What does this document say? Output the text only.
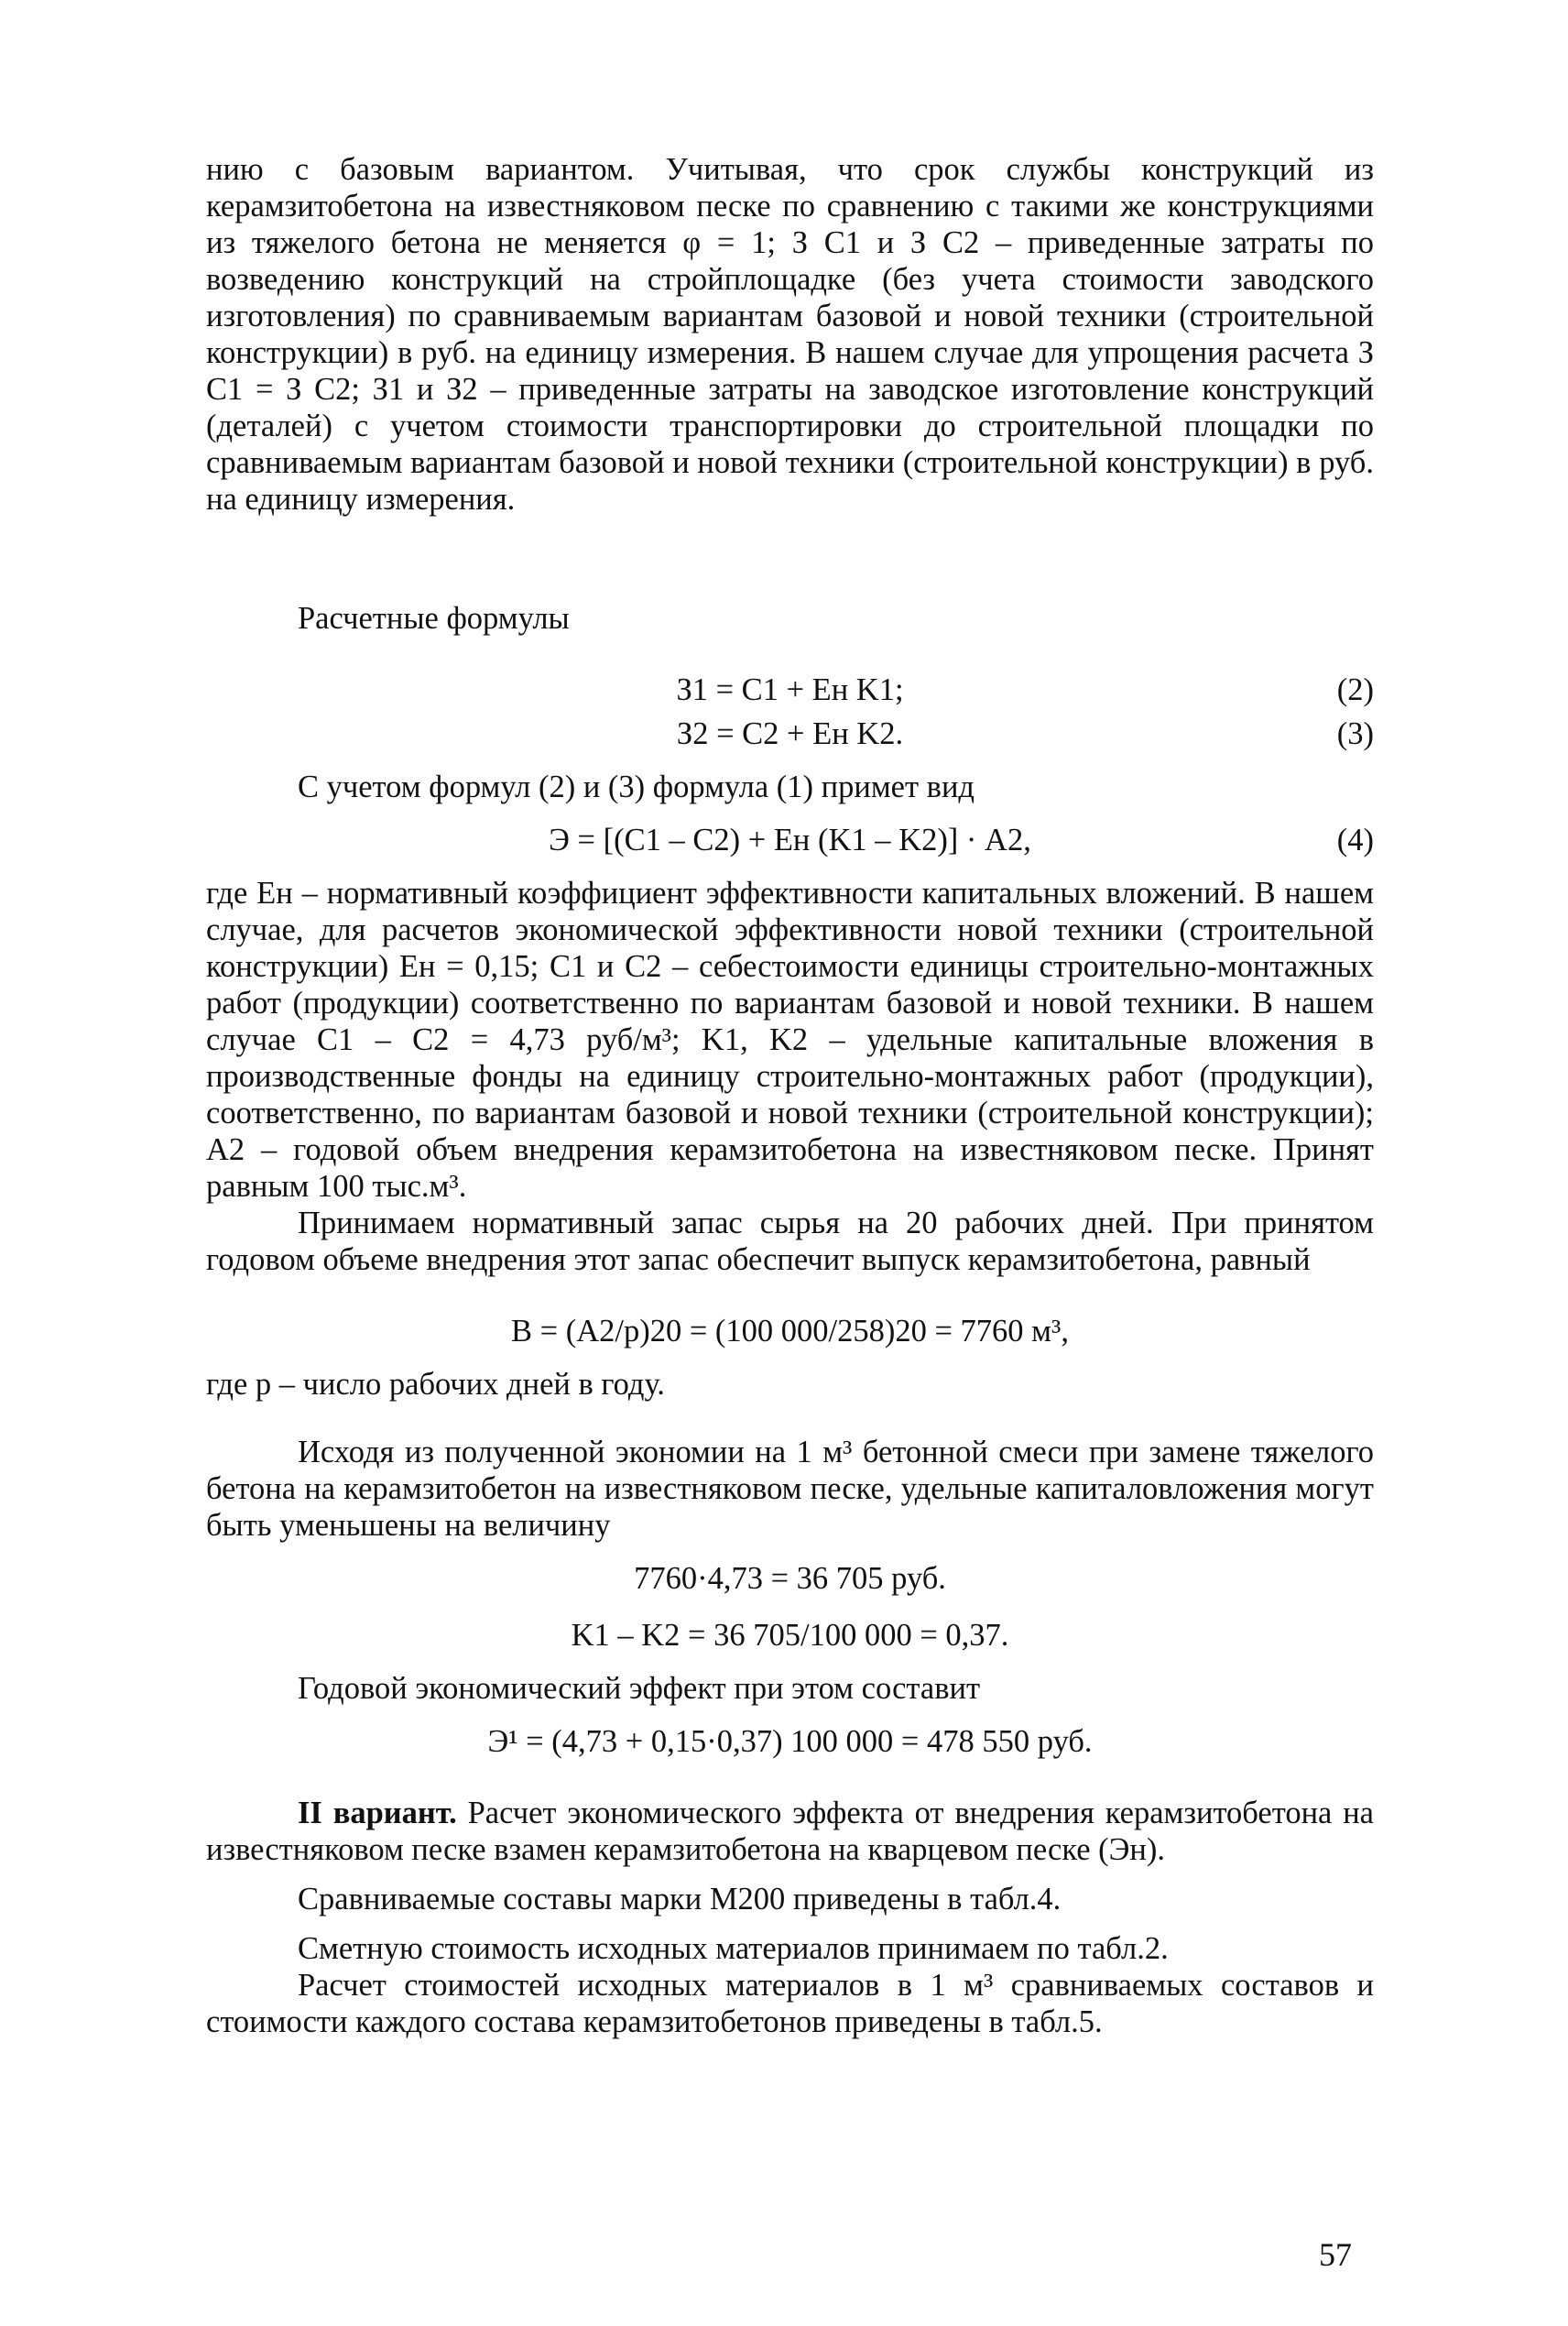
нию с базовым вариантом. Учитывая, что срок службы конструкций из керамзитобетона на известняковом песке по сравнению с такими же конструкциями из тяжелого бетона не меняется φ = 1; З C1 и З C2 – приведенные затраты по возведению конструкций на стройплощадке (без учета стоимости заводского изготовления) по сравниваемым вариантам базовой и новой техники (строительной конструкции) в руб. на единицу измерения. В нашем случае для упрощения расчета З C1 = З C2; З1 и З2 – приведенные затраты на заводское изготовление конструкций (деталей) с учетом стоимости транспортировки до строительной площадки по сравниваемым вариантам базовой и новой техники (строительной конструкции) в руб. на единицу измерения.

Расчетные формулы

З1 = C1 + Eн K1;	(2)
З2 = C2 + Eн K2.	(3)

С учетом формул (2) и (3) формула (1) примет вид

Э = [(C1 – C2) + Eн (K1 – K2)] · A2,	(4)

где Eн – нормативный коэффициент эффективности капитальных вложений. В нашем случае, для расчетов экономической эффективности новой техники (строительной конструкции) Eн = 0,15; C1 и C2 – себестоимости единицы строительно-монтажных работ (продукции) соответственно по вариантам базовой и новой техники. В нашем случае C1 – C2 = 4,73 руб/м³; K1, K2 – удельные капитальные вложения в производственные фонды на единицу строительно-монтажных работ (продукции), соответственно, по вариантам базовой и новой техники (строительной конструкции); A2 – годовой объем внедрения керамзитобетона на известняковом песке. Принят равным 100 тыс.м³.

Принимаем нормативный запас сырья на 20 рабочих дней. При принятом годовом объеме внедрения этот запас обеспечит выпуск керамзитобетона, равный

B = (A2/p)20 = (100 000/258)20 = 7760 м³,

где p – число рабочих дней в году.

Исходя из полученной экономии на 1 м³ бетонной смеси при замене тяжелого бетона на керамзитобетон на известняковом песке, удельные капиталовложения могут быть уменьшены на величину

7760·4,73 = 36 705 руб.
K1 – K2 = 36 705/100 000 = 0,37.

Годовой экономический эффект при этом составит

Э¹ = (4,73 + 0,15·0,37) 100 000 = 478 550 руб.

II вариант. Расчет экономического эффекта от внедрения керамзитобетона на известняковом песке взамен керамзитобетона на кварцевом песке (Эн).

Сравниваемые составы марки М200 приведены в табл.4.

Сметную стоимость исходных материалов принимаем по табл.2.

Расчет стоимостей исходных материалов в 1 м³ сравниваемых составов и стоимости каждого состава керамзитобетонов приведены в табл.5.

57
